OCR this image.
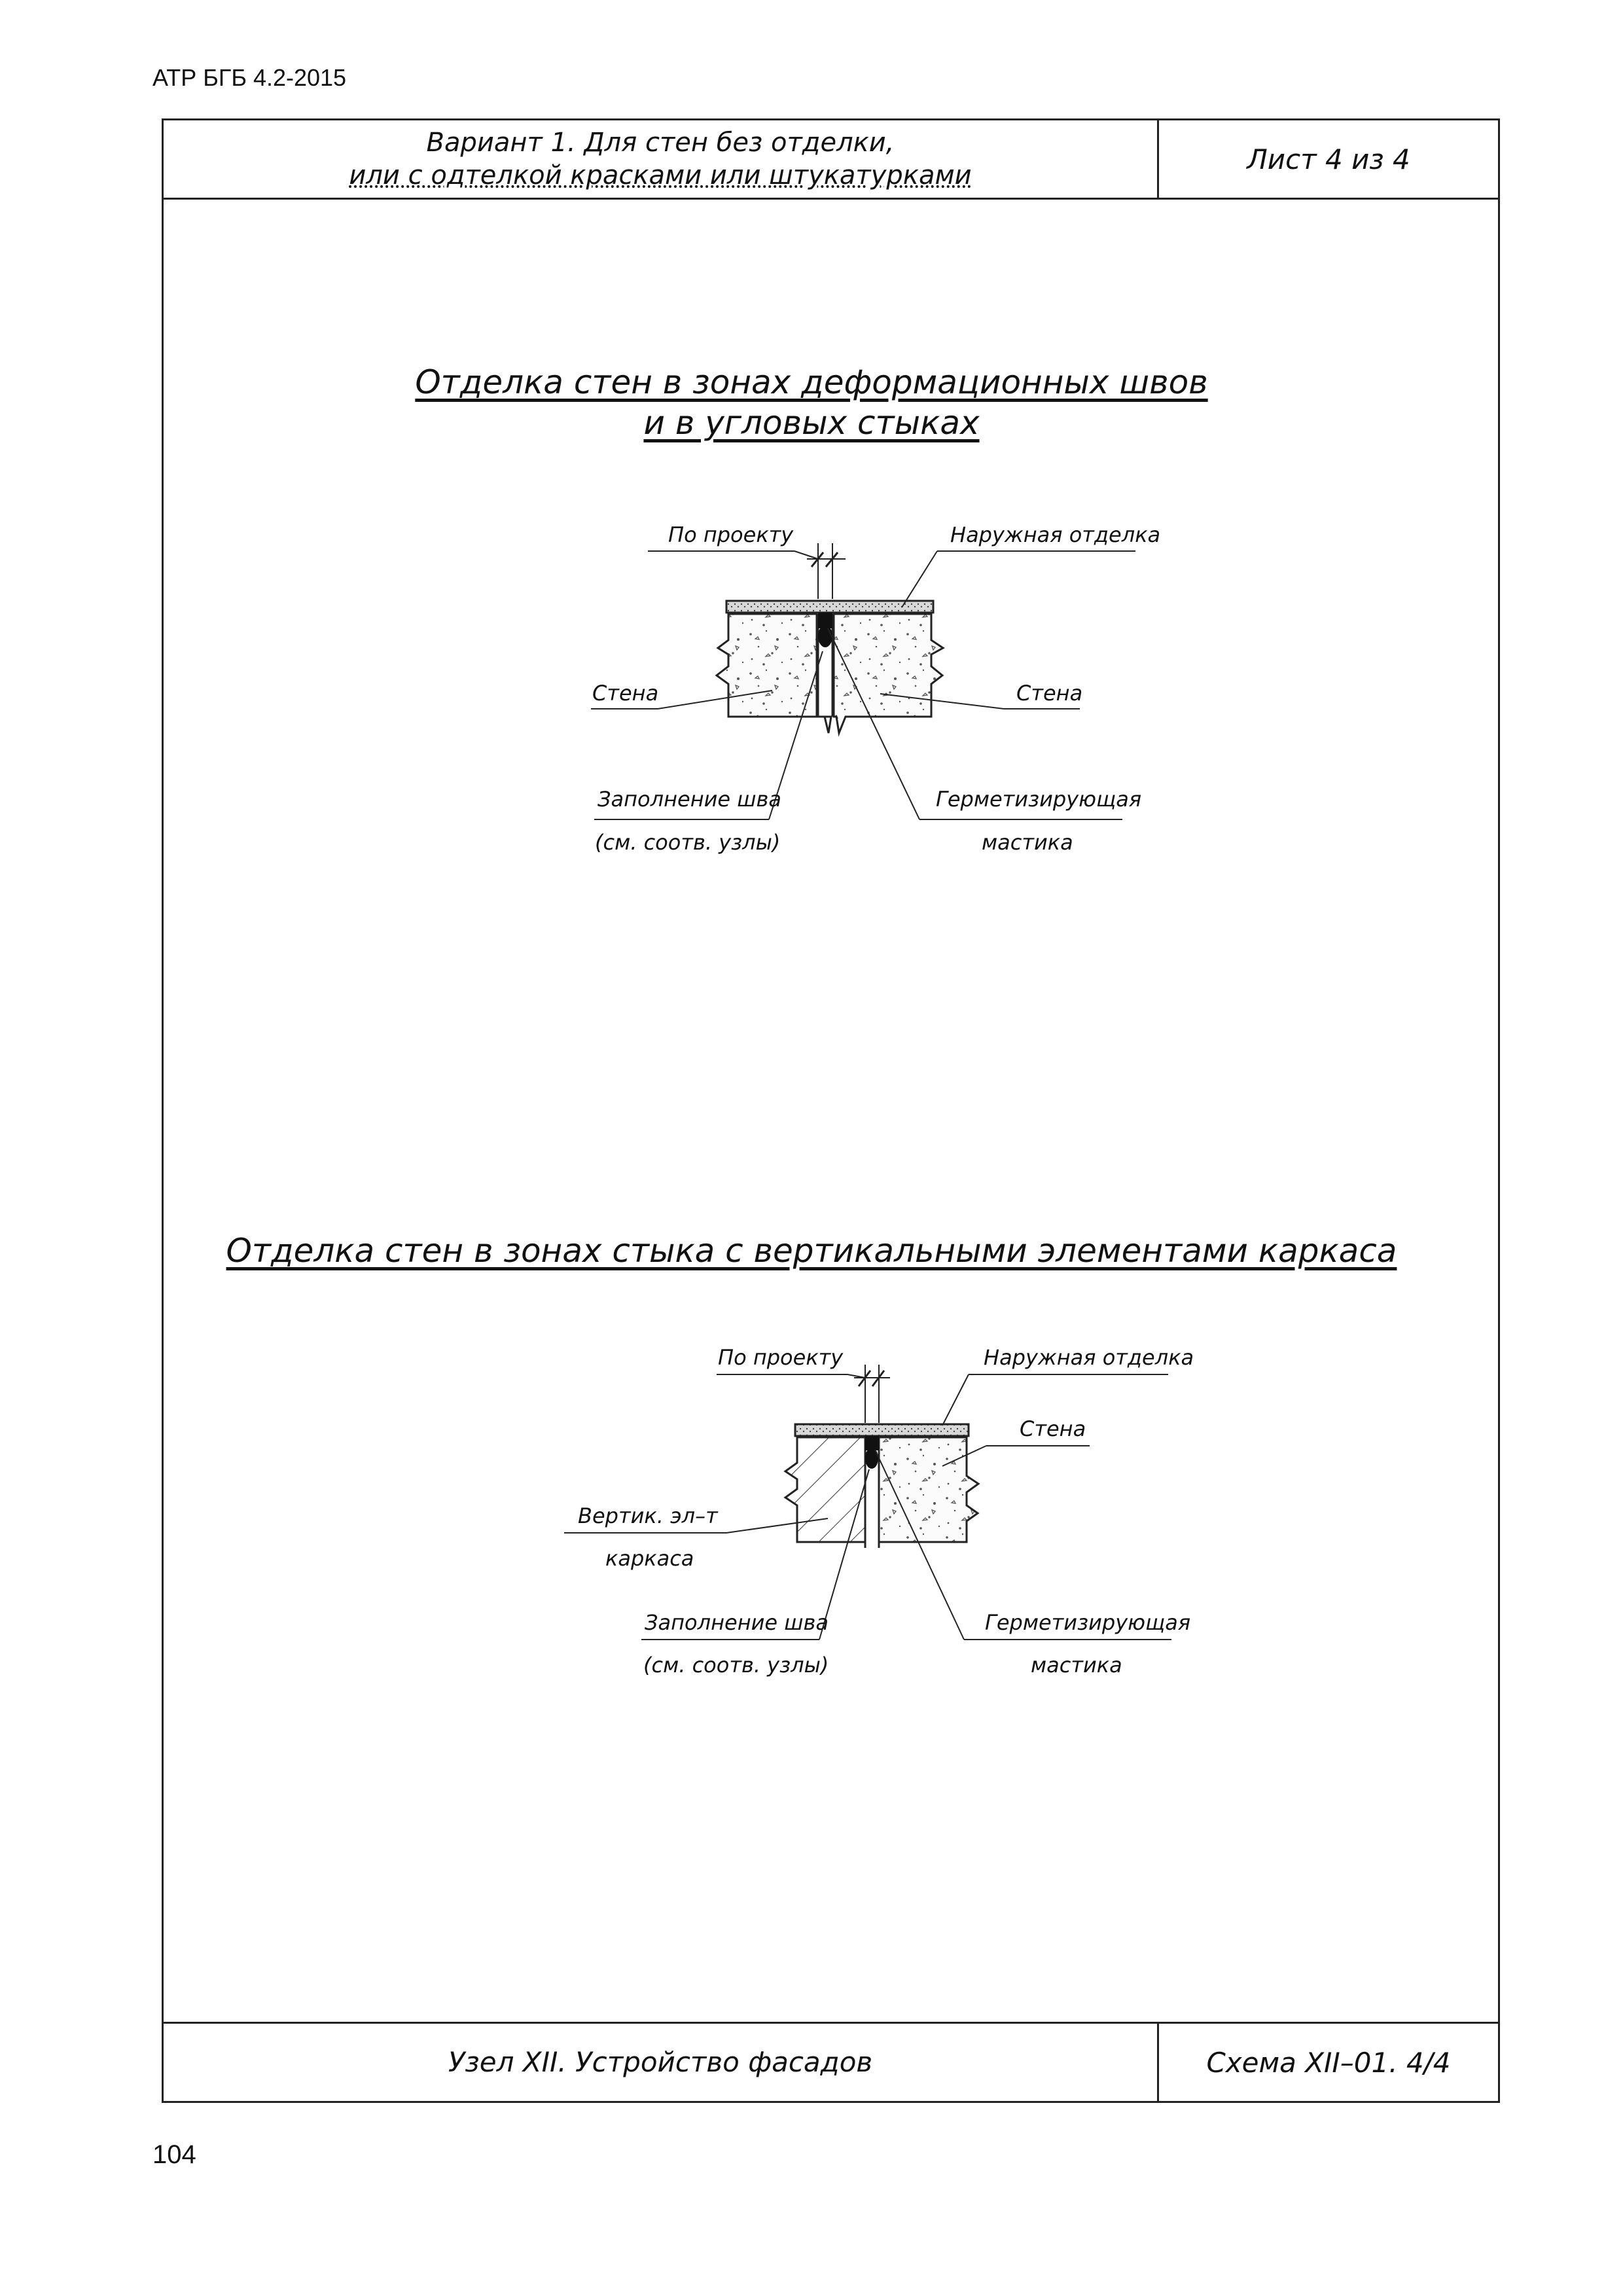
АТР БГБ 4.2-2015
Вариант 1. Для стен без отделки,
или с одтелкой красками или штукатурками
Лист 4 из 4
Узел XII. Устройство фасадов	Схема XII–01. 4/4
Отделка стен в зонах деформационных швов
и в угловых стыках
Отделка стен в зонах стыка с вертикальными элементами каркаса
По проекту	Наружная отделка
Стена	Стена
Заполнение шва
(см. соотв. узлы)
Герметизирующая
мастика
По проекту	Наружная отделка
Стена
Вертик. эл–т
каркаса
Заполнение шва
(см. соотв. узлы)
Герметизирующая
мастика
104
